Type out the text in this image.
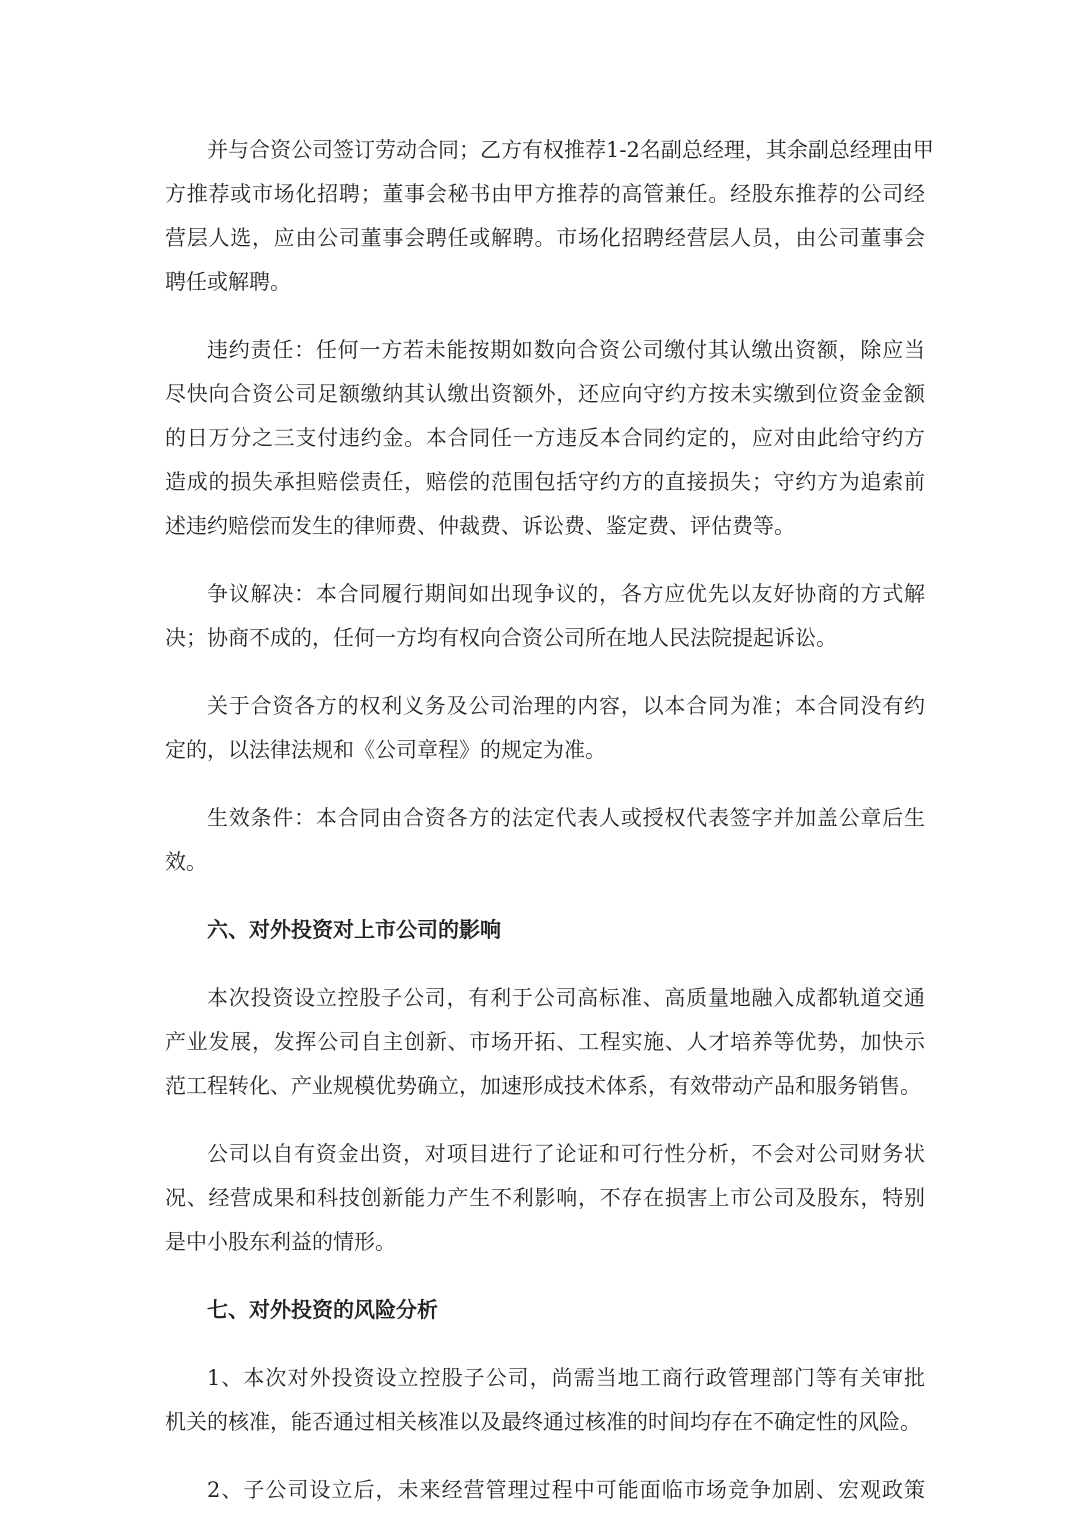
并与合资公司签订劳动合同；乙方有权推荐1-2名副总经理，其余副总经理由甲
方推荐或市场化招聘；董事会秘书由甲方推荐的高管兼任。经股东推荐的公司经
营层人选，应由公司董事会聘任或解聘。市场化招聘经营层人员，由公司董事会
聘任或解聘。
违约责任：任何一方若未能按期如数向合资公司缴付其认缴出资额，除应当
尽快向合资公司足额缴纳其认缴出资额外，还应向守约方按未实缴到位资金金额
的日万分之三支付违约金。本合同任一方违反本合同约定的，应对由此给守约方
造成的损失承担赔偿责任，赔偿的范围包括守约方的直接损失；守约方为追索前
述违约赔偿而发生的律师费、仲裁费、诉讼费、鉴定费、评估费等。
争议解决：本合同履行期间如出现争议的，各方应优先以友好协商的方式解
决；协商不成的，任何一方均有权向合资公司所在地人民法院提起诉讼。
关于合资各方的权利义务及公司治理的内容，以本合同为准；本合同没有约
定的，以法律法规和《公司章程》的规定为准。
生效条件：本合同由合资各方的法定代表人或授权代表签字并加盖公章后生
效。
六、对外投资对上市公司的影响
本次投资设立控股子公司，有利于公司高标准、高质量地融入成都轨道交通
产业发展，发挥公司自主创新、市场开拓、工程实施、人才培养等优势，加快示
范工程转化、产业规模优势确立，加速形成技术体系，有效带动产品和服务销售。
公司以自有资金出资，对项目进行了论证和可行性分析，不会对公司财务状
况、经营成果和科技创新能力产生不利影响，不存在损害上市公司及股东，特别
是中小股东利益的情形。
七、对外投资的风险分析
1、本次对外投资设立控股子公司，尚需当地工商行政管理部门等有关审批
机关的核准，能否通过相关核准以及最终通过核准的时间均存在不确定性的风险。
2、子公司设立后，未来经营管理过程中可能面临市场竞争加剧、宏观政策
